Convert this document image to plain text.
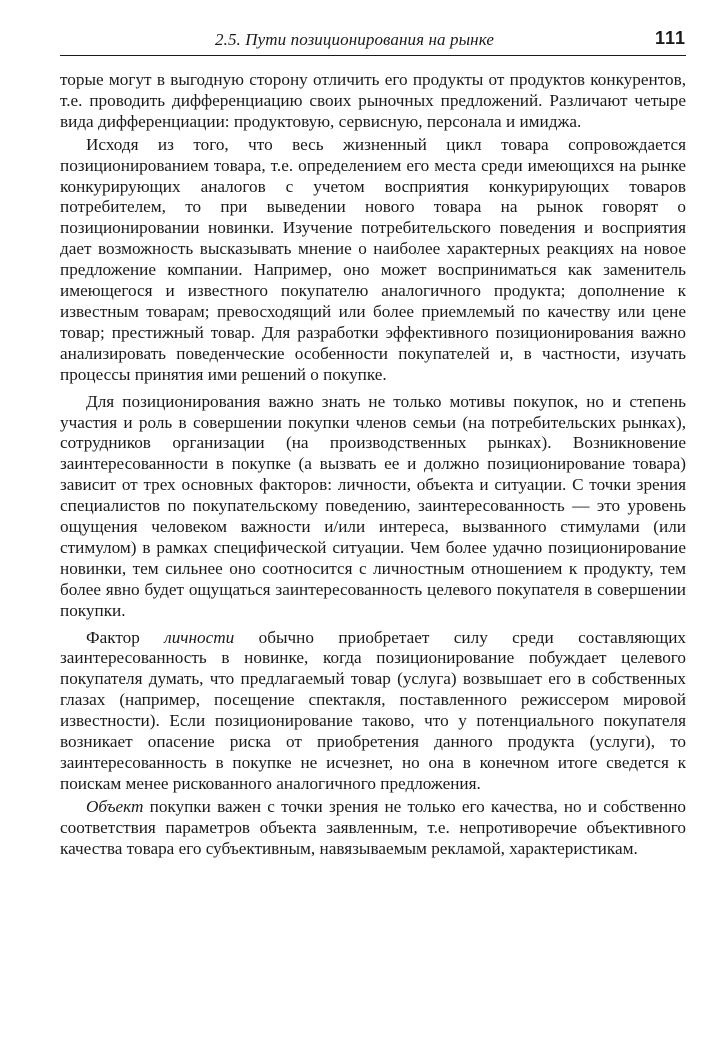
2.5. Пути позиционирования на рынке	111

торые могут в выгодную сторону отличить его продукты от продуктов конкурентов, т.е. проводить дифференциацию своих рыночных предложений. Различают четыре вида дифференциации: продуктовую, сервисную, персонала и имиджа.

Исходя из того, что весь жизненный цикл товара сопровождается позиционированием товара, т.е. определением его места среди имеющихся на рынке конкурирующих аналогов с учетом восприятия конкурирующих товаров потребителем, то при выведении нового товара на рынок говорят о позиционировании новинки. Изучение потребительского поведения и восприятия дает возможность высказывать мнение о наиболее характерных реакциях на новое предложение компании. Например, оно может восприниматься как заменитель имеющегося и известного покупателю аналогичного продукта; дополнение к известным товарам; превосходящий или более приемлемый по качеству или цене товар; престижный товар. Для разработки эффективного позиционирования важно анализировать поведенческие особенности покупателей и, в частности, изучать процессы принятия ими решений о покупке.

Для позиционирования важно знать не только мотивы покупок, но и степень участия и роль в совершении покупки членов семьи (на потребительских рынках), сотрудников организации (на производственных рынках). Возникновение заинтересованности в покупке (а вызвать ее и должно позиционирование товара) зависит от трех основных факторов: личности, объекта и ситуации. С точки зрения специалистов по покупательскому поведению, заинтересованность — это уровень ощущения человеком важности и/или интереса, вызванного стимулами (или стимулом) в рамках специфической ситуации. Чем более удачно позиционирование новинки, тем сильнее оно соотносится с личностным отношением к продукту, тем более явно будет ощущаться заинтересованность целевого покупателя в совершении покупки.

Фактор личности обычно приобретает силу среди составляющих заинтересованность в новинке, когда позиционирование побуждает целевого покупателя думать, что предлагаемый товар (услуга) возвышает его в собственных глазах (например, посещение спектакля, поставленного режиссером мировой известности). Если позиционирование таково, что у потенциального покупателя возникает опасение риска от приобретения данного продукта (услуги), то заинтересованность в покупке не исчезнет, но она в конечном итоге сведется к поискам менее рискованного аналогичного предложения.

Объект покупки важен с точки зрения не только его качества, но и собственно соответствия параметров объекта заявленным, т.е. непротиворечие объективного качества товара его субъективным, навязываемым рекламой, характеристикам.
